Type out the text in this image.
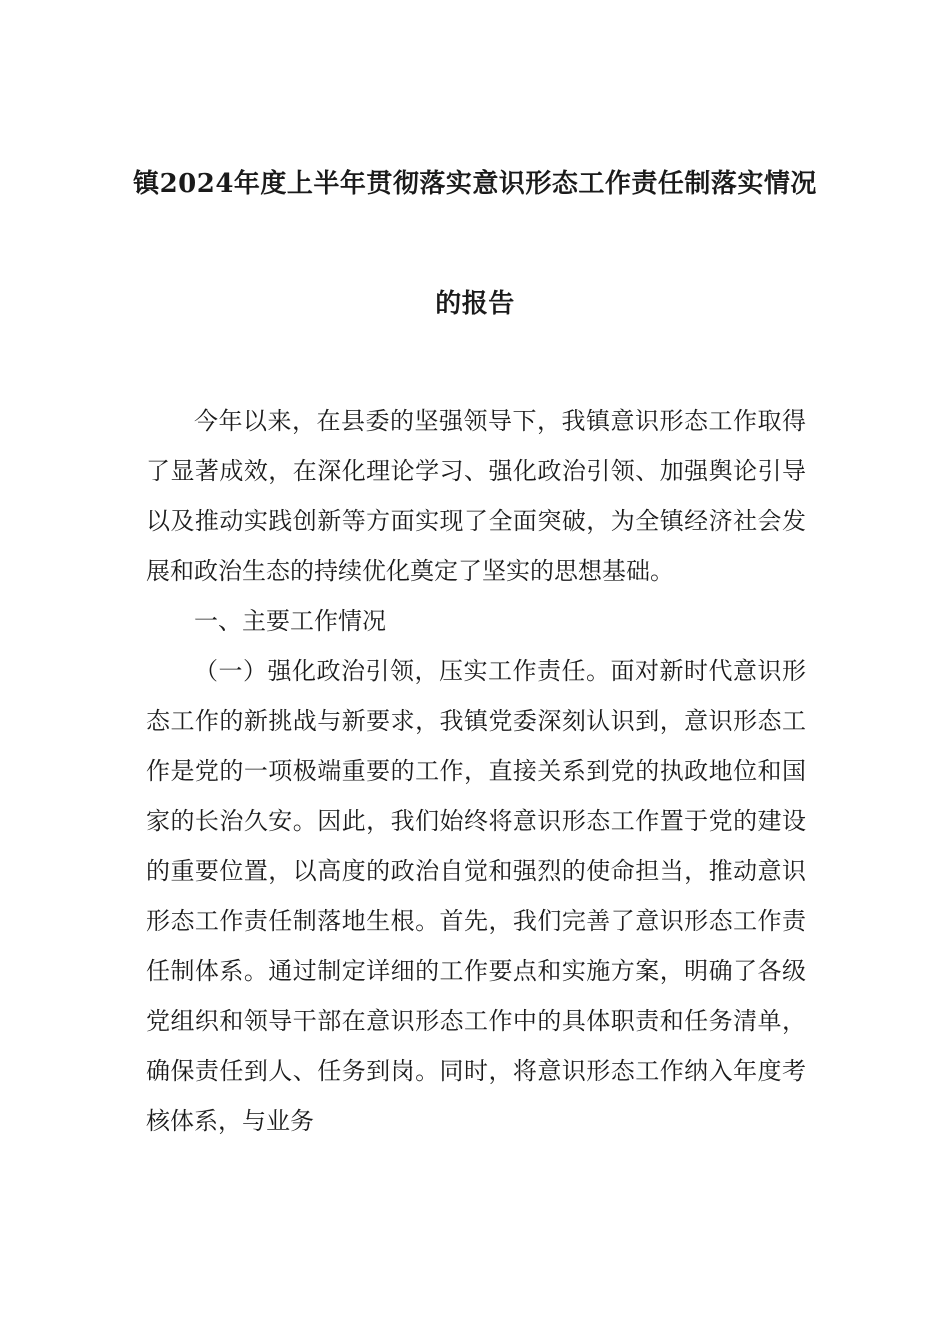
镇2024年度上半年贯彻落实意识形态工作责任制落实情况
的报告

今年以来，在县委的坚强领导下，我镇意识形态工作取得了显著成效，在深化理论学习、强化政治引领、加强舆论引导以及推动实践创新等方面实现了全面突破，为全镇经济社会发展和政治生态的持续优化奠定了坚实的思想基础。

一、主要工作情况

（一）强化政治引领，压实工作责任。面对新时代意识形态工作的新挑战与新要求，我镇党委深刻认识到，意识形态工作是党的一项极端重要的工作，直接关系到党的执政地位和国家的长治久安。因此，我们始终将意识形态工作置于党的建设的重要位置，以高度的政治自觉和强烈的使命担当，推动意识形态工作责任制落地生根。首先，我们完善了意识形态工作责任制体系。通过制定详细的工作要点和实施方案，明确了各级党组织和领导干部在意识形态工作中的具体职责和任务清单，确保责任到人、任务到岗。同时，将意识形态工作纳入年度考核体系，与业务
